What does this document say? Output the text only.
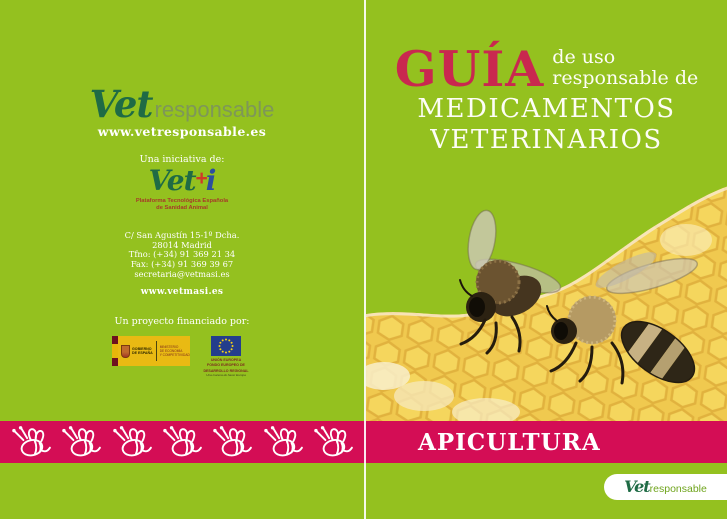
Vet responsable
www.vetresponsable.es
Una iniciativa de:
Vet+i
Plataforma Tecnológica Española
de Sanidad Animal
C/ San Agustín 15-1º Dcha.
28014 Madrid
Tfno: (+34) 91 369 21 34
Fax: (+34) 91 369 39 67
secretaria@vetmasi.es
www.vetmasi.es
Un proyecto financiado por:
GOBIERNO
DE ESPAÑA
MINISTERIO
DE ECONOMÍA
Y COMPETITIVIDAD
UNIÓN EUROPEA
FONDO EUROPEO DE
DESARROLLO REGIONAL
Una manera de hacer Europa
GUÍA de uso
responsable de
MEDICAMENTOS
VETERINARIOS
APICULTURA
Vet responsable
